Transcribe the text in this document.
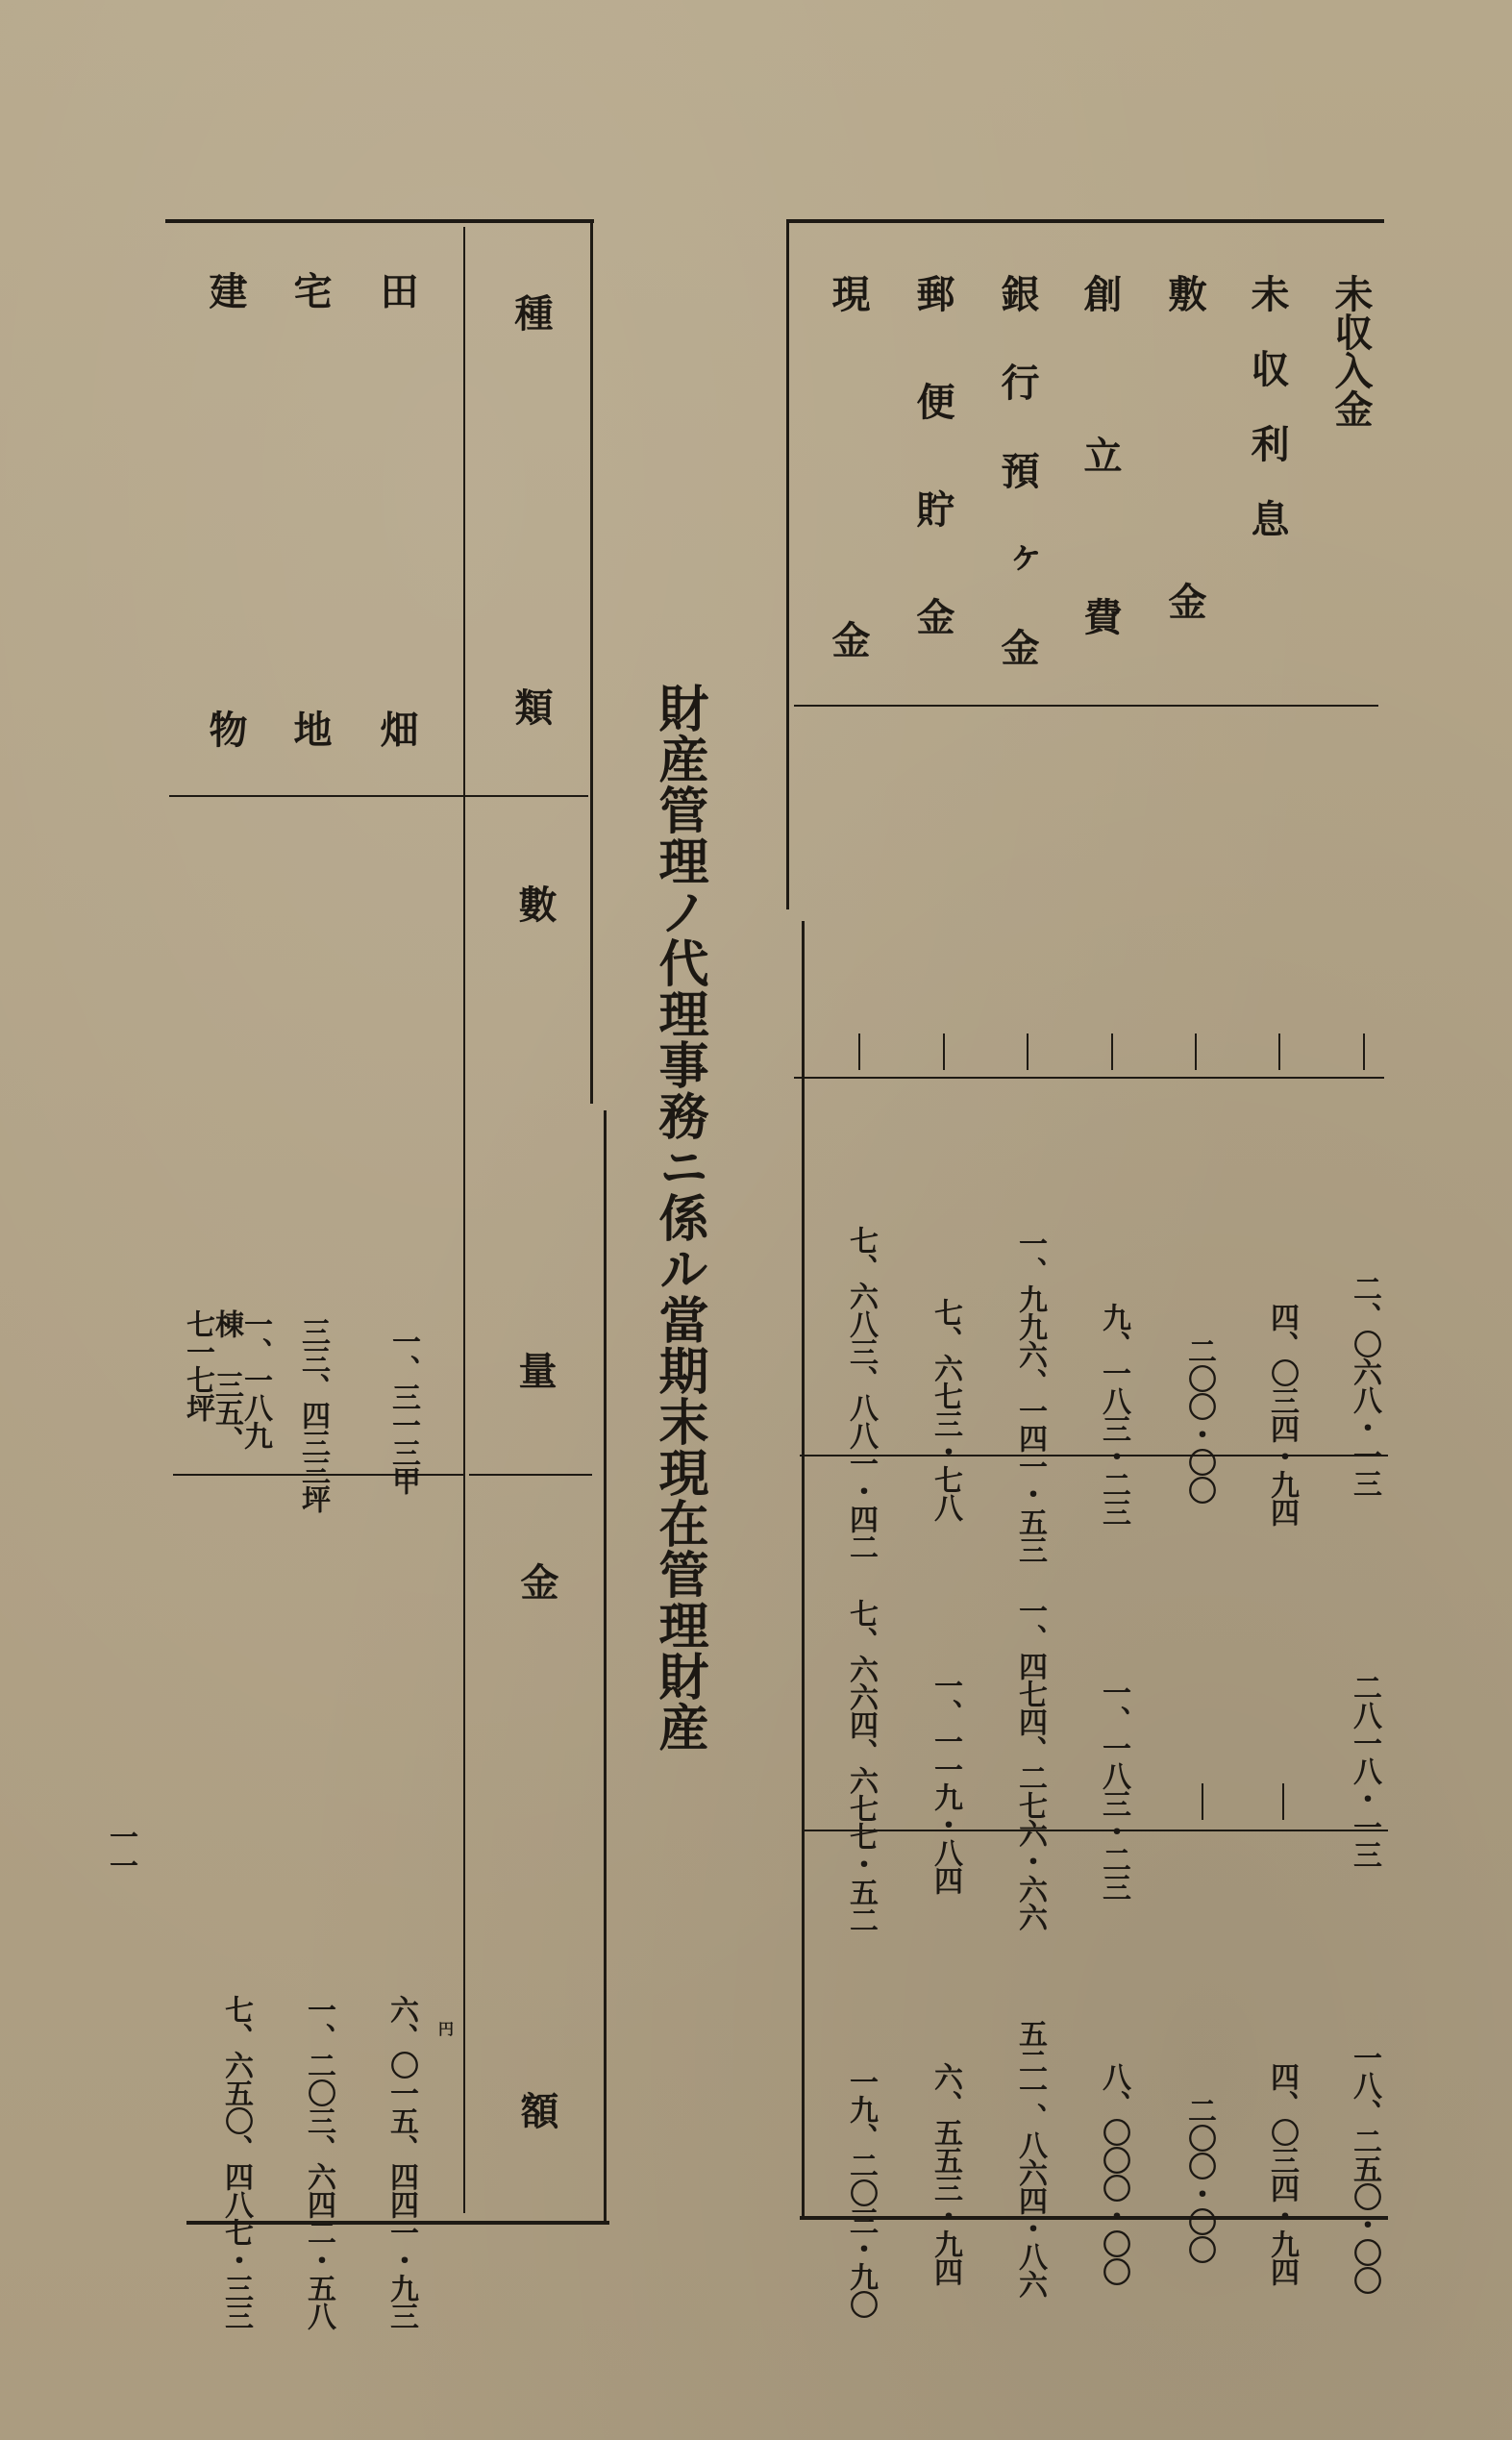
未収入金
未収利息
敷金
創立費
銀行預ヶ金
郵便貯金
現金
二、〇六八・一三
四、〇三四・九四
二〇〇・〇〇
九、一八三・二三
一、九九六、一四一・五三
七、六七三・七八
七、六八三、八八一・四二
二八一八・一三
一、一八三・二三
一、四七四、二七六・六六
一、一一九・八四
七、六六四、六七七・五二
一八、二五〇・〇〇
四、〇三四・九四
二〇〇・〇〇
八、〇〇〇・〇〇
五二一、八六四・八六
六、五五三・九四
一九、二〇三・九〇
財産管理ノ代理事務ニ係ル當期末現在管理財産
種
類
數
量
金
額
田
宅
建
畑
地
物
一、三一三甲
三三、四三三坪
一、一八九棟 三五、七一七坪
六、〇一五、四四一・九三 円
一、二〇三、六四二・五八
七、六五〇、四八七・三三
一一
